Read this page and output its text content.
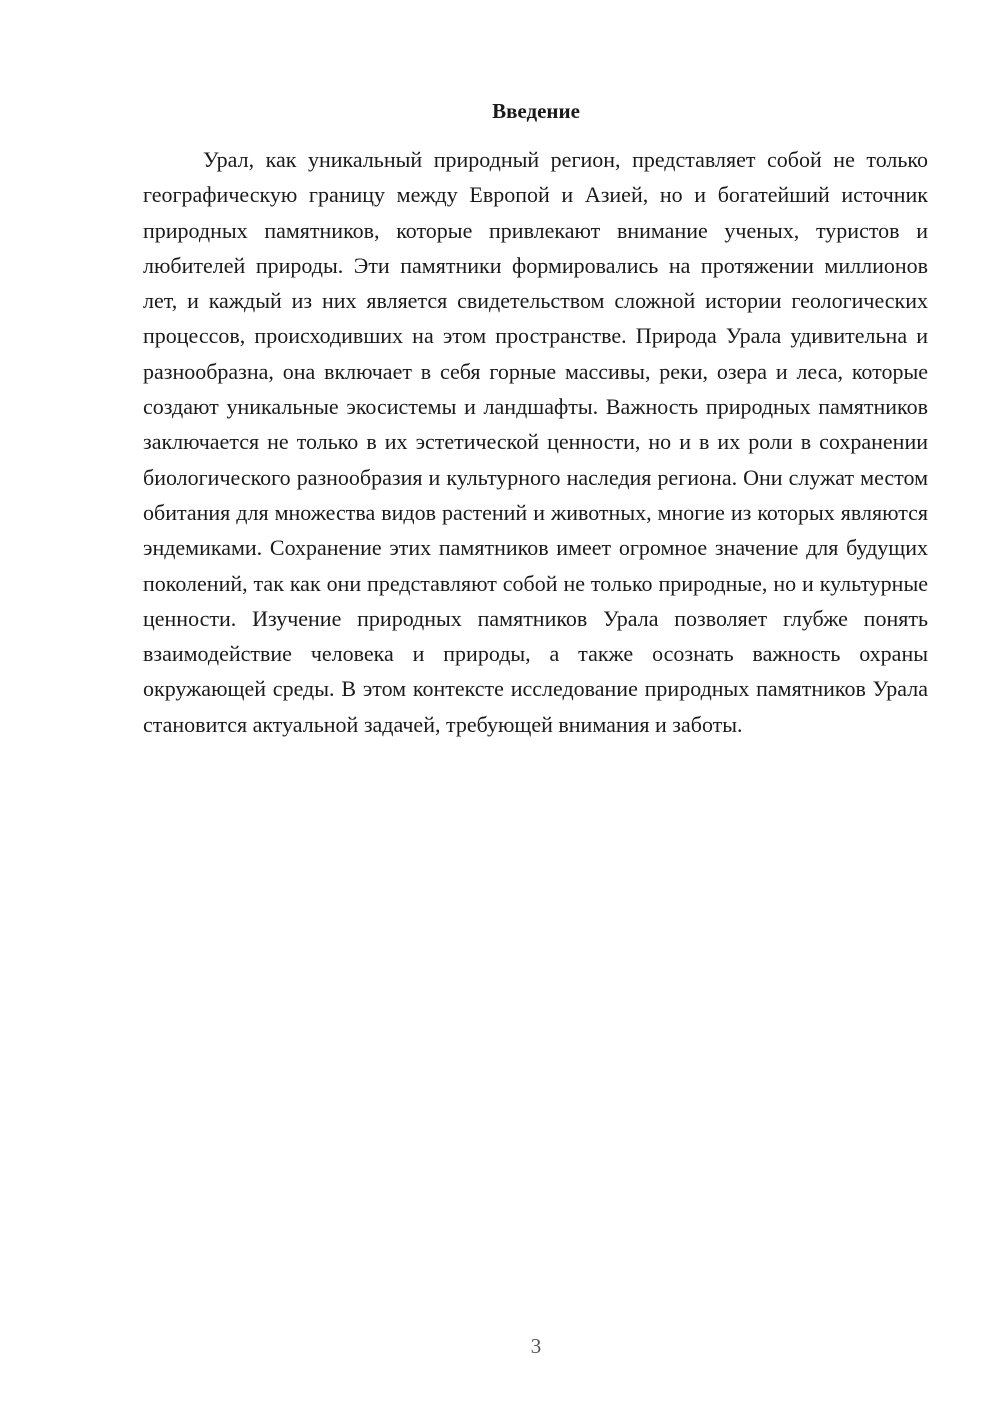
Введение

Урал, как уникальный природный регион, представляет собой не только географическую границу между Европой и Азией, но и богатейший источник природных памятников, которые привлекают внимание ученых, туристов и любителей природы. Эти памятники формировались на протяжении миллионов лет, и каждый из них является свидетельством сложной истории геологических процессов, происходивших на этом пространстве. Природа Урала удивительна и разнообразна, она включает в себя горные массивы, реки, озера и леса, которые создают уникальные экосистемы и ландшафты. Важность природных памятников заключается не только в их эстетической ценности, но и в их роли в сохранении биологического разнообразия и культурного наследия региона. Они служат местом обитания для множества видов растений и животных, многие из которых являются эндемиками. Сохранение этих памятников имеет огромное значение для будущих поколений, так как они представляют собой не только природные, но и культурные ценности. Изучение природных памятников Урала позволяет глубже понять взаимодействие человека и природы, а также осознать важность охраны окружающей среды. В этом контексте исследование природных памятников Урала становится актуальной задачей, требующей внимания и заботы.

3
